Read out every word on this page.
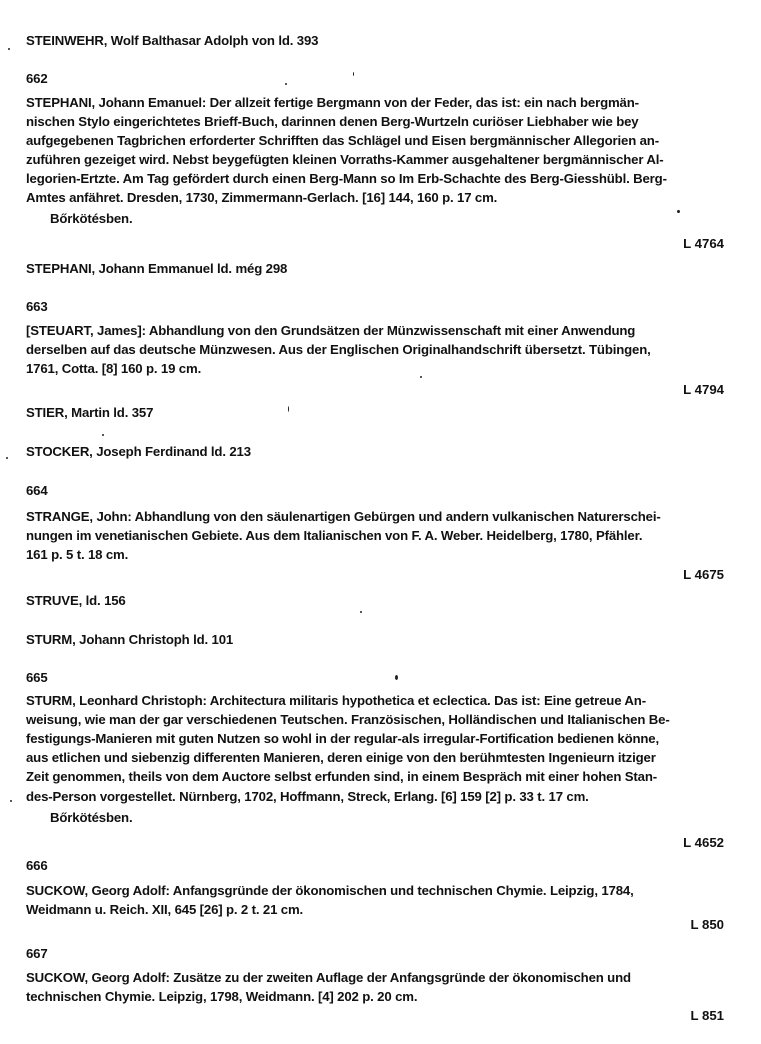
STEINWEHR, Wolf Balthasar Adolph von ld. 393
662
STEPHANI, Johann Emanuel: Der allzeit fertige Bergmann von der Feder, das ist: ein nach bergmän-
nischen Stylo eingerichtetes Brieff-Buch, darinnen denen Berg-Wurtzeln curiöser Liebhaber wie bey
aufgegebenen Tagbrichen erforderter Schrifften das Schlägel und Eisen bergmännischer Allegorien an-
zuführen gezeiget wird. Nebst beygefügten kleinen Vorraths-Kammer ausgehaltener bergmännischer Al-
legorien-Ertzte. Am Tag gefördert durch einen Berg-Mann so Im Erb-Schachte des Berg-Giesshübl. Berg-
Amtes anfähret. Dresden, 1730, Zimmermann-Gerlach. [16] 144, 160 p. 17 cm.
Bőrkötésben.
L 4764
STEPHANI, Johann Emmanuel ld. még 298
663
[STEUART, James]: Abhandlung von den Grundsätzen der Münzwissenschaft mit einer Anwendung
derselben auf das deutsche Münzwesen. Aus der Englischen Originalhandschrift übersetzt. Tübingen,
1761, Cotta. [8] 160 p. 19 cm.
L 4794
STIER, Martin ld. 357
STOCKER, Joseph Ferdinand ld. 213
664
STRANGE, John: Abhandlung von den säulenartigen Gebürgen und andern vulkanischen Naturerschei-
nungen im venetianischen Gebiete. Aus dem Italianischen von F. A. Weber. Heidelberg, 1780, Pfähler.
161 p. 5 t. 18 cm.
L 4675
STRUVE, ld. 156
STURM, Johann Christoph ld. 101
665
STURM, Leonhard Christoph: Architectura militaris hypothetica et eclectica. Das ist: Eine getreue An-
weisung, wie man der gar verschiedenen Teutschen. Französischen, Holländischen und Italianischen Be-
festigungs-Manieren mit guten Nutzen so wohl in der regular-als irregular-Fortification bedienen könne,
aus etlichen und siebenzig differenten Manieren, deren einige von den berühmtesten Ingenieurn itziger
Zeit genommen, theils von dem Auctore selbst erfunden sind, in einem Bespräch mit einer hohen Stan-
des-Person vorgestellet. Nürnberg, 1702, Hoffmann, Streck, Erlang. [6] 159 [2] p. 33 t. 17 cm.
Bőrkötésben.
L 4652
666
SUCKOW, Georg Adolf: Anfangsgründe der ökonomischen und technischen Chymie. Leipzig, 1784,
Weidmann u. Reich. XII, 645 [26] p. 2 t. 21 cm.
L 850
667
SUCKOW, Georg Adolf: Zusätze zu der zweiten Auflage der Anfangsgründe der ökonomischen und
technischen Chymie. Leipzig, 1798, Weidmann. [4] 202 p. 20 cm.
L 851
